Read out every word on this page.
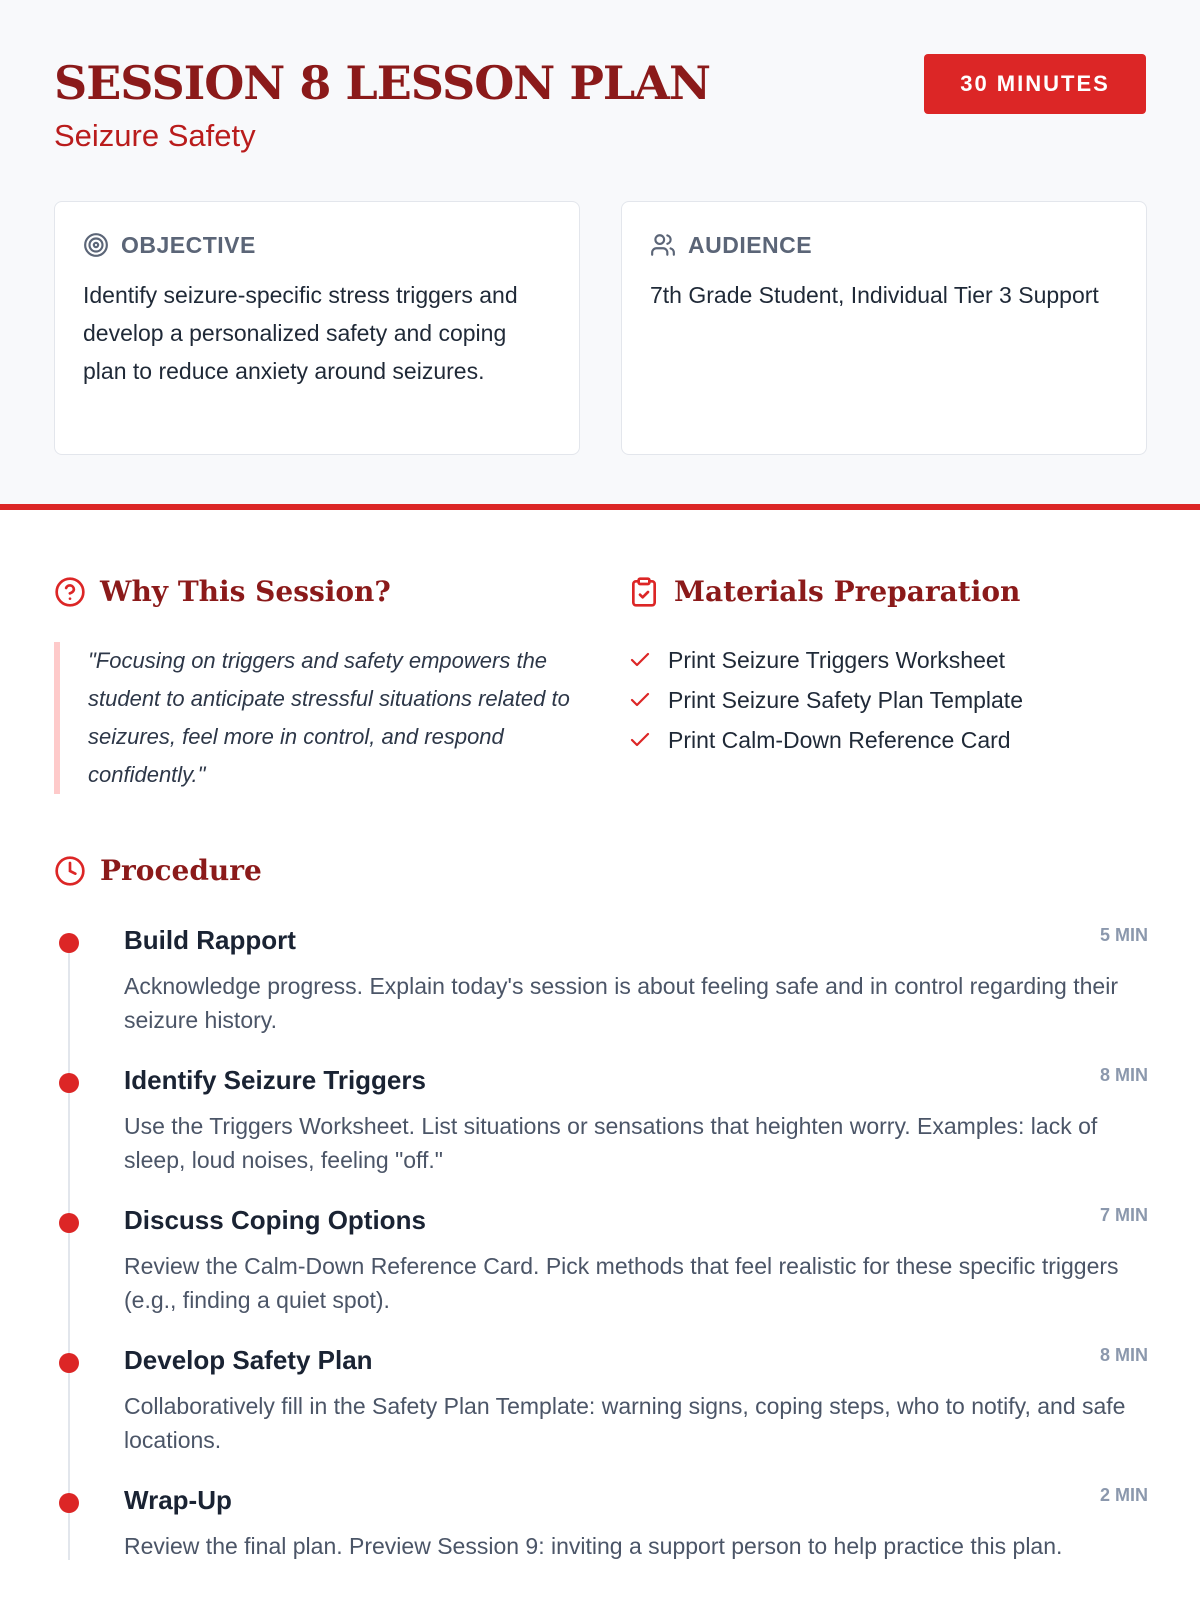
SESSION 8 LESSON PLAN
Seizure Safety
30 MINUTES
OBJECTIVE

Identify seizure-specific stress triggers and develop a personalized safety and coping plan to reduce anxiety around seizures.

AUDIENCE

7th Grade Student, Individual Tier 3 Support

Why This Session?
"Focusing on triggers and safety empowers the student to anticipate stressful situations related to seizures, feel more in control, and respond confidently."
Materials Preparation
Print Seizure Triggers Worksheet
Print Seizure Safety Plan Template
Print Calm-Down Reference Card
Procedure
Build Rapport	5 MIN
Acknowledge progress. Explain today's session is about feeling safe and in control regarding their seizure history.
Identify Seizure Triggers	8 MIN
Use the Triggers Worksheet. List situations or sensations that heighten worry. Examples: lack of sleep, loud noises, feeling "off."
Discuss Coping Options	7 MIN
Review the Calm-Down Reference Card. Pick methods that feel realistic for these specific triggers (e.g., finding a quiet spot).
Develop Safety Plan	8 MIN
Collaboratively fill in the Safety Plan Template: warning signs, coping steps, who to notify, and safe locations.
Wrap-Up	2 MIN
Review the final plan. Preview Session 9: inviting a support person to help practice this plan.
